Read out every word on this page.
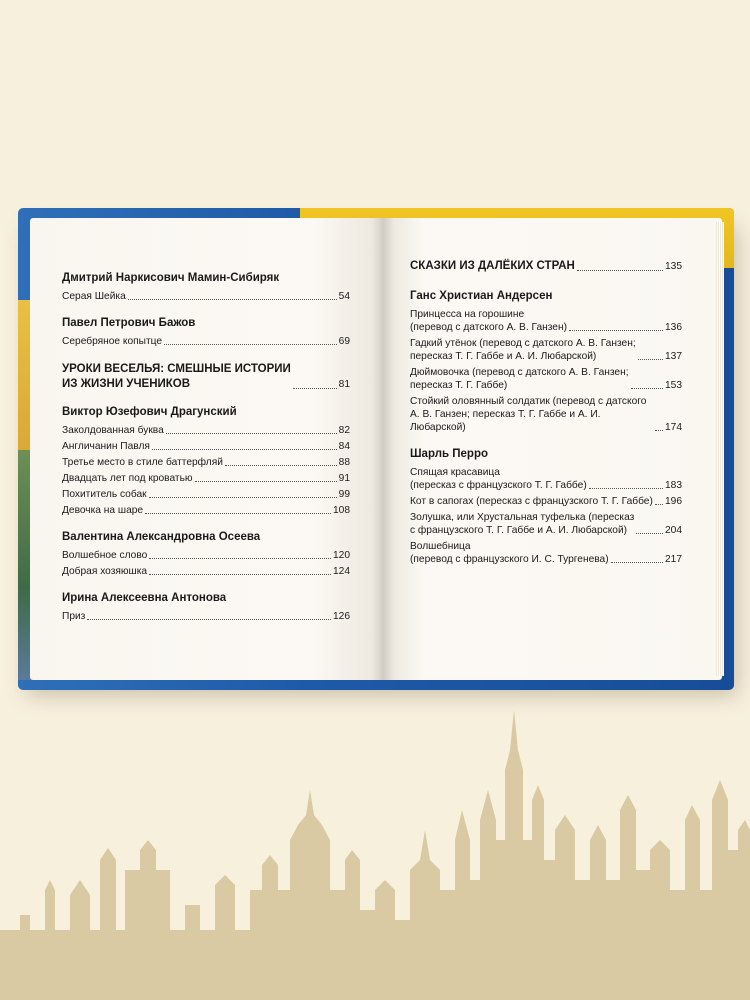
Дмитрий Наркисович Мамин-Сибиряк
Серая Шейка	54
Павел Петрович Бажов
Серебряное копытце	69
УРОКИ ВЕСЕЛЬЯ: СМЕШНЫЕ ИСТОРИИ
ИЗ ЖИЗНИ УЧЕНИКОВ	81
Виктор Юзефович Драгунский
Заколдованная буква	82
Англичанин Павля	84
Третье место в стиле баттерфляй	88
Двадцать лет под кроватью	91
Похититель собак	99
Девочка на шаре	108
Валентина Александровна Осеева
Волшебное слово	120
Добрая хозяюшка	124
Ирина Алексеевна Антонова
Приз	126
СКАЗКИ ИЗ ДАЛЁКИХ СТРАН	135
Ганс Христиан Андерсен
Принцесса на горошине
(перевод с датского А. В. Ганзен)	136
Гадкий утёнок (перевод с датского А. В. Ганзен;
пересказ Т. Г. Габбе и А. И. Любарской)	137
Дюймовочка (перевод с датского А. В. Ганзен;
пересказ Т. Г. Габбе)	153
Стойкий оловянный солдатик (перевод с датского
А. В. Ганзен; пересказ Т. Г. Габбе и А. И. Любарской)	174
Шарль Перро
Спящая красавица
(пересказ с французского Т. Г. Габбе)	183
Кот в сапогах (пересказ с французского Т. Г. Габбе) 196
Золушка, или Хрустальная туфелька (пересказ
с французского Т. Г. Габбе и А. И. Любарской)	204
Волшебница
(перевод с французского И. С. Тургенева)	217
